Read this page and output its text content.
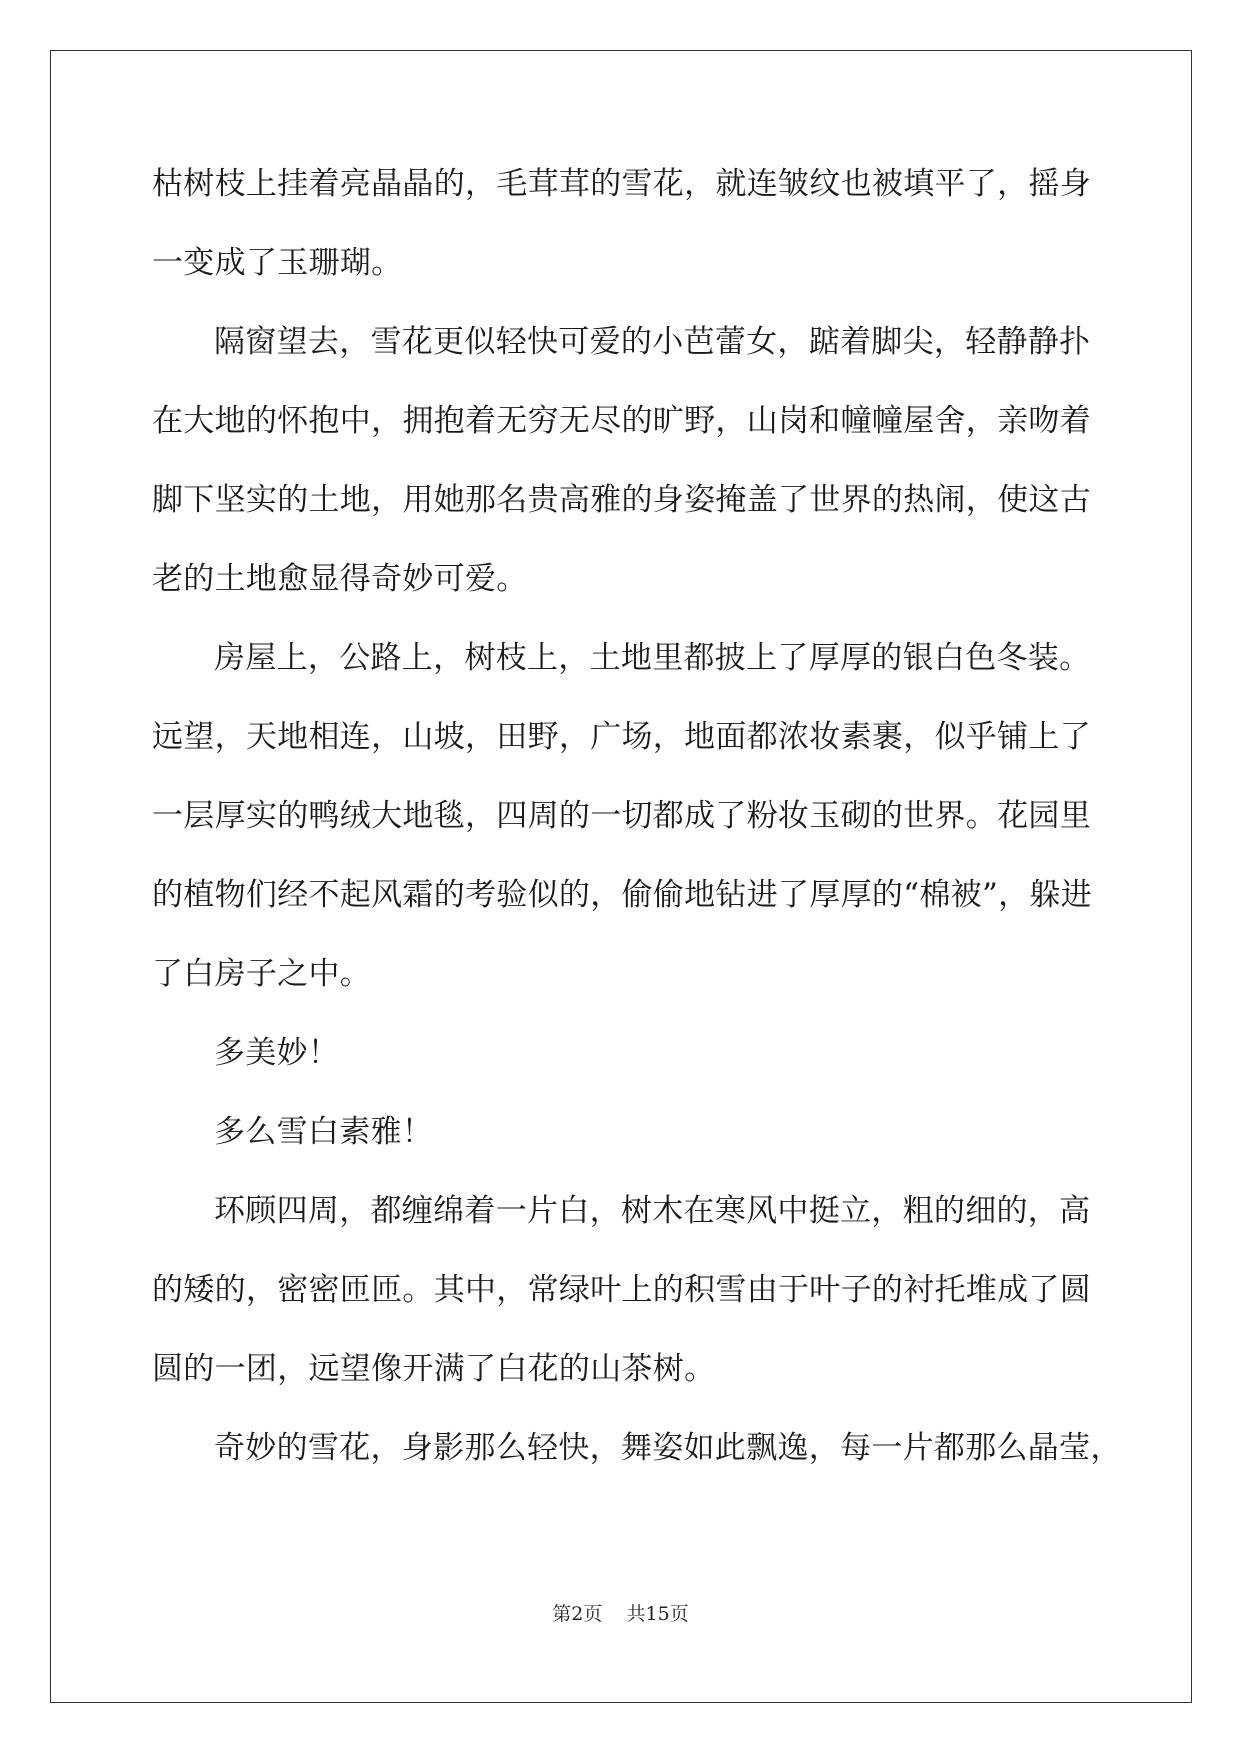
枯树枝上挂着亮晶晶的，毛茸茸的雪花，就连皱纹也被填平了，摇身
一变成了玉珊瑚。
隔窗望去，雪花更似轻快可爱的小芭蕾女，踮着脚尖，轻静静扑
在大地的怀抱中，拥抱着无穷无尽的旷野，山岗和幢幢屋舍，亲吻着
脚下坚实的土地，用她那名贵高雅的身姿掩盖了世界的热闹，使这古
老的土地愈显得奇妙可爱。
房屋上，公路上，树枝上，土地里都披上了厚厚的银白色冬装。
远望，天地相连，山坡，田野，广场，地面都浓妆素裹，似乎铺上了
一层厚实的鸭绒大地毯，四周的一切都成了粉妆玉砌的世界。花园里
的植物们经不起风霜的考验似的，偷偷地钻进了厚厚的“棉被”，躲进
了白房子之中。
多美妙！
多么雪白素雅！
环顾四周，都缠绵着一片白，树木在寒风中挺立，粗的细的，高
的矮的，密密匝匝。其中，常绿叶上的积雪由于叶子的衬托堆成了圆
圆的一团，远望像开满了白花的山茶树。
奇妙的雪花，身影那么轻快，舞姿如此飘逸，每一片都那么晶莹，
第2页 共15页
